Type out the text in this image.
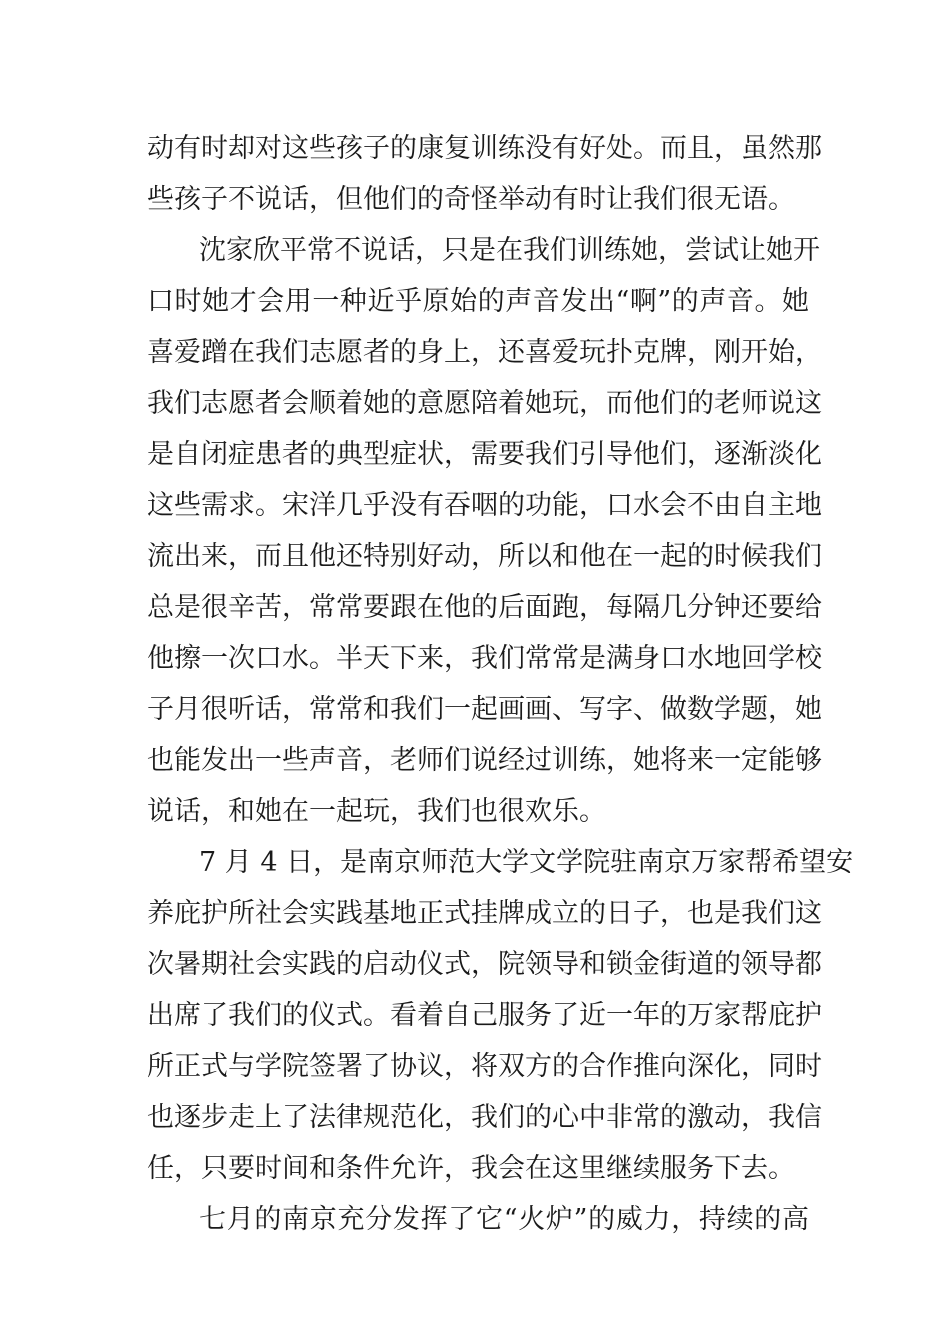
动有时却对这些孩子的康复训练没有好处。而且，虽然那
些孩子不说话，但他们的奇怪举动有时让我们很无语。
沈家欣平常不说话，只是在我们训练她，尝试让她开
口时她才会用一种近乎原始的声音发出“啊”的声音。她
喜爱蹭在我们志愿者的身上，还喜爱玩扑克牌，刚开始，
我们志愿者会顺着她的意愿陪着她玩，而他们的老师说这
是自闭症患者的典型症状，需要我们引导他们，逐渐淡化
这些需求。宋洋几乎没有吞咽的功能，口水会不由自主地
流出来，而且他还特别好动，所以和他在一起的时候我们
总是很辛苦，常常要跟在他的后面跑，每隔几分钟还要给
他擦一次口水。半天下来，我们常常是满身口水地回学校
子月很听话，常常和我们一起画画、写字、做数学题，她
也能发出一些声音，老师们说经过训练，她将来一定能够
说话，和她在一起玩，我们也很欢乐。
7 月 4 日，是南京师范大学文学院驻南京万家帮希望安
养庇护所社会实践基地正式挂牌成立的日子，也是我们这
次暑期社会实践的启动仪式，院领导和锁金街道的领导都
出席了我们的仪式。看着自己服务了近一年的万家帮庇护
所正式与学院签署了协议，将双方的合作推向深化，同时
也逐步走上了法律规范化，我们的心中非常的激动，我信
任，只要时间和条件允许，我会在这里继续服务下去。
七月的南京充分发挥了它“火炉”的威力，持续的高
